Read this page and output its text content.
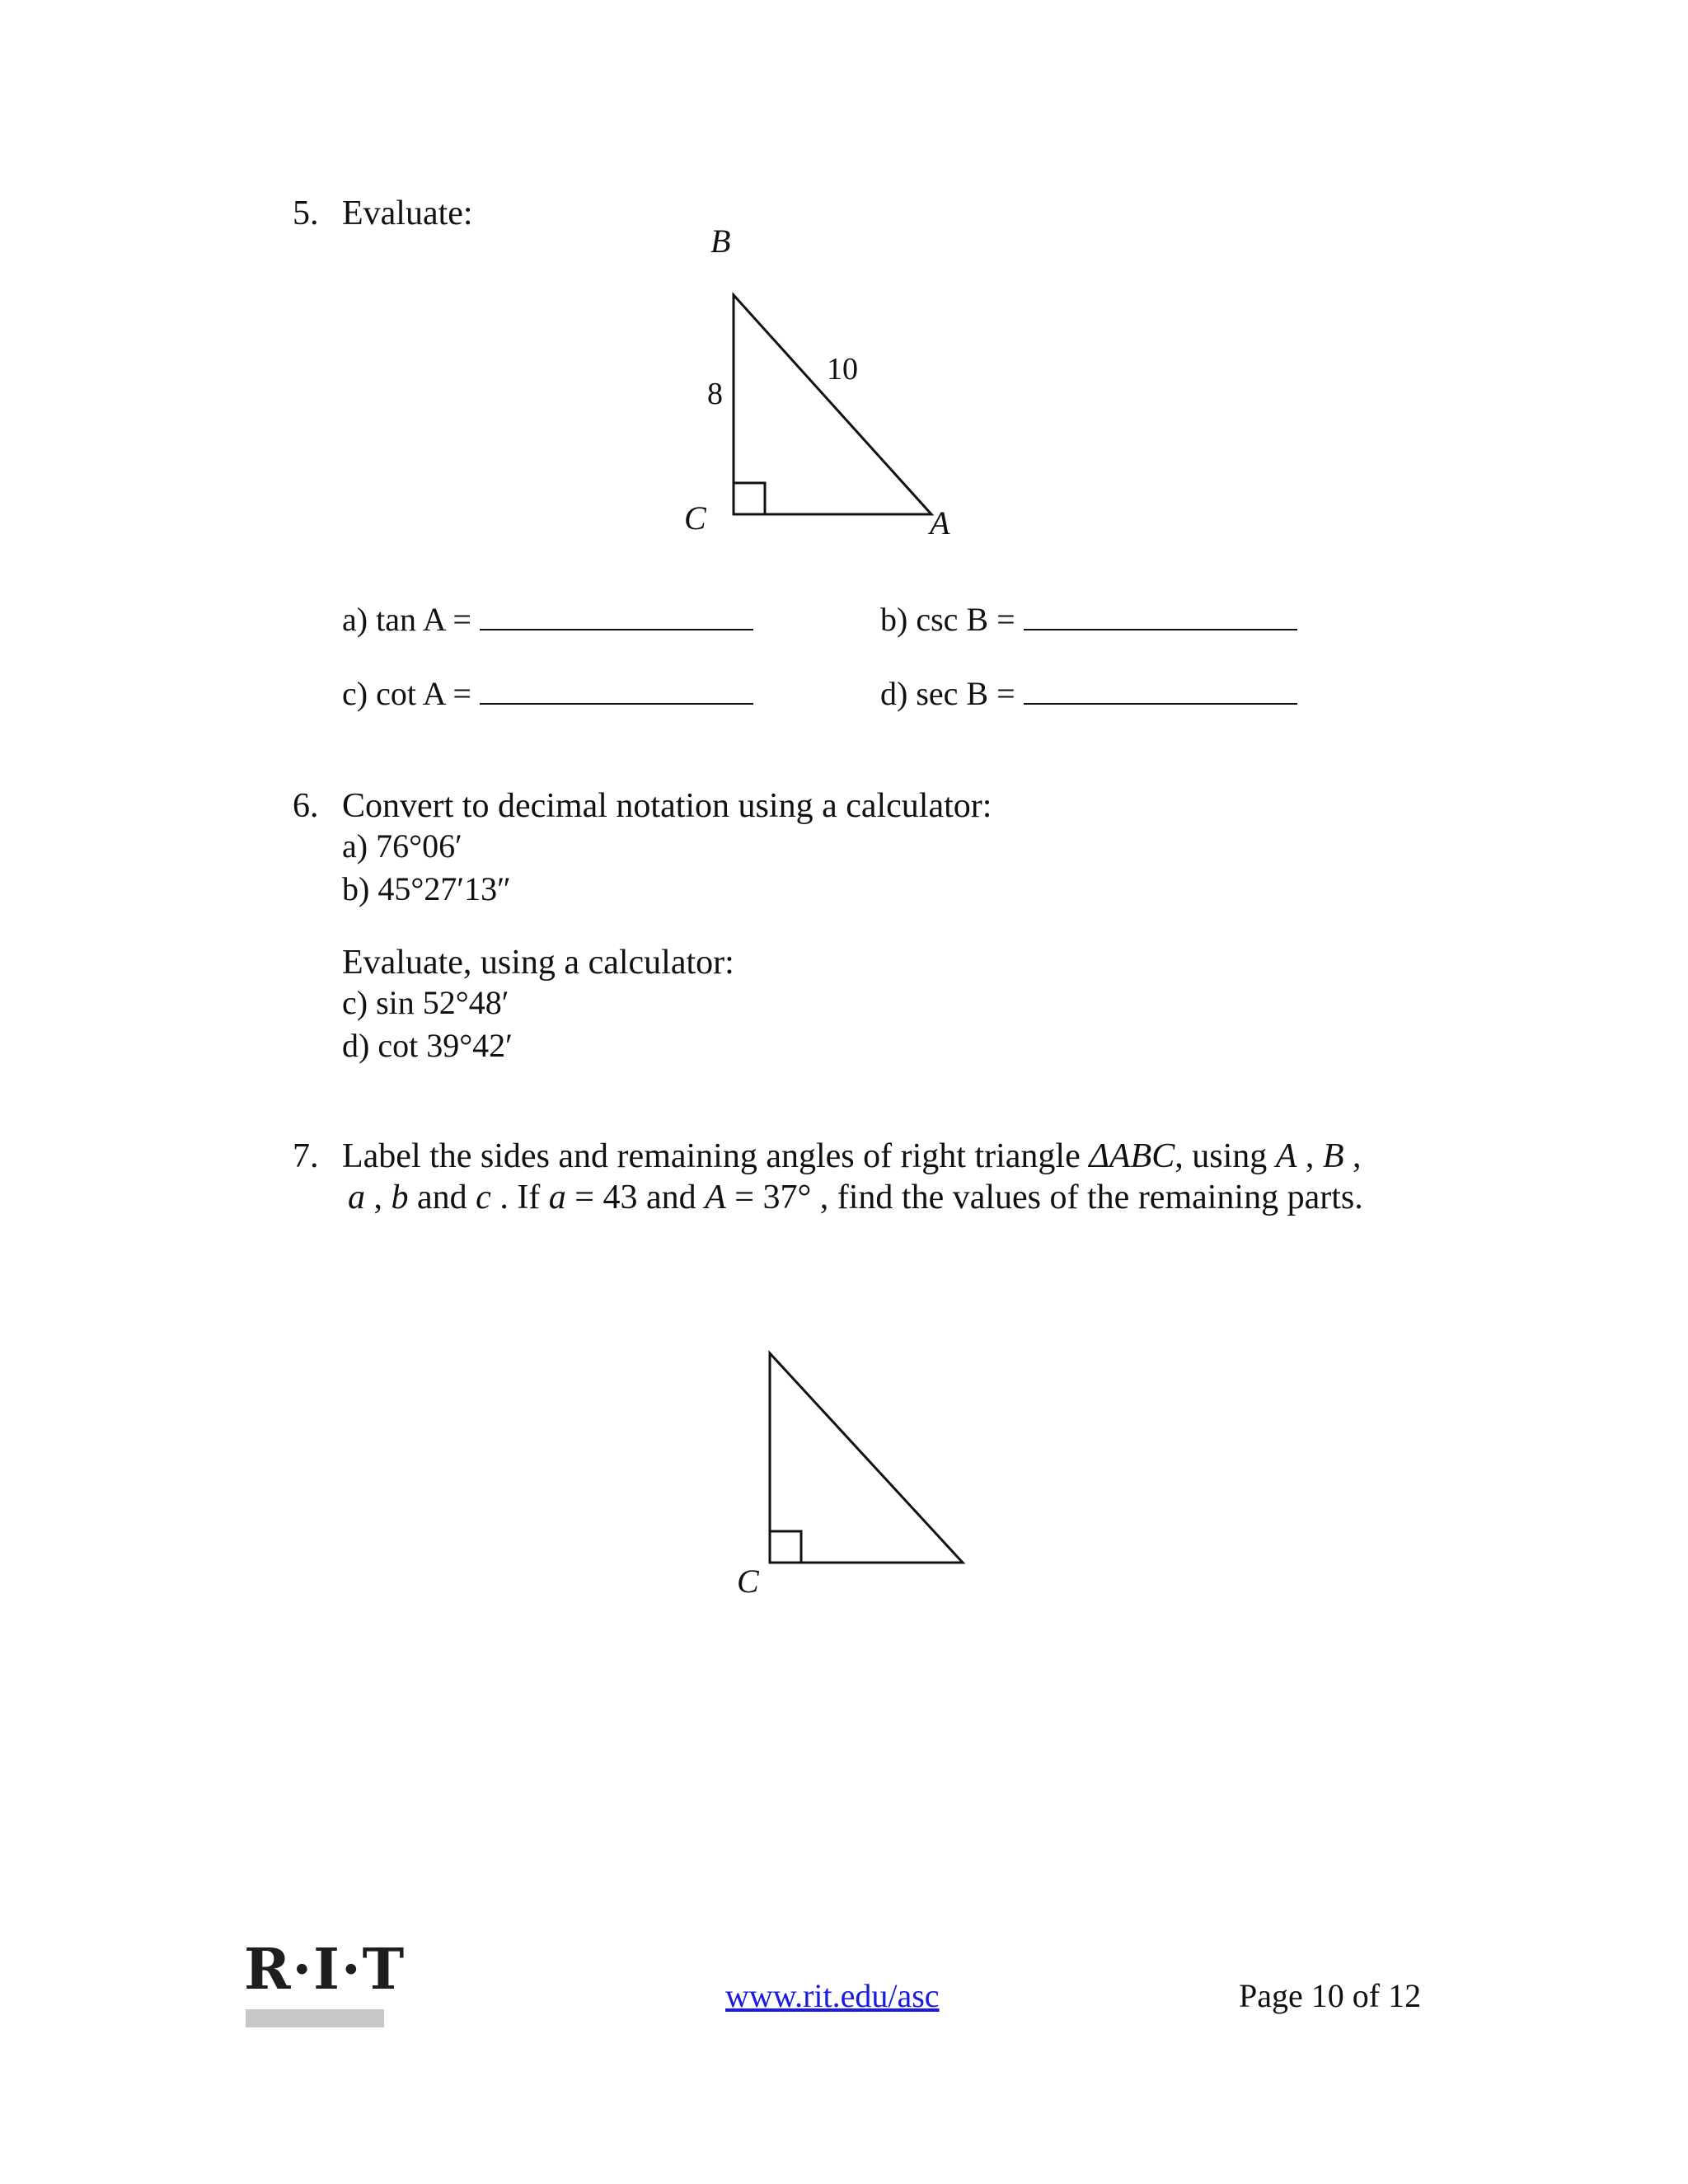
5. Evaluate:
B
8
10
C	A
a) tan A =	b) csc B =
c) cot A =	d) sec B =
6. Convert to decimal notation using a calculator:
a) 76°06′
b) 45°27′13″
Evaluate, using a calculator:
c) sin 52°48′
d) cot 39°42′
7. Label the sides and remaining angles of right triangle ΔABC, using A , B ,
a , b and c . If a = 43 and A = 37° , find the values of the remaining parts.
C
R·I·T	www.rit.edu/asc	Page 10 of 12
